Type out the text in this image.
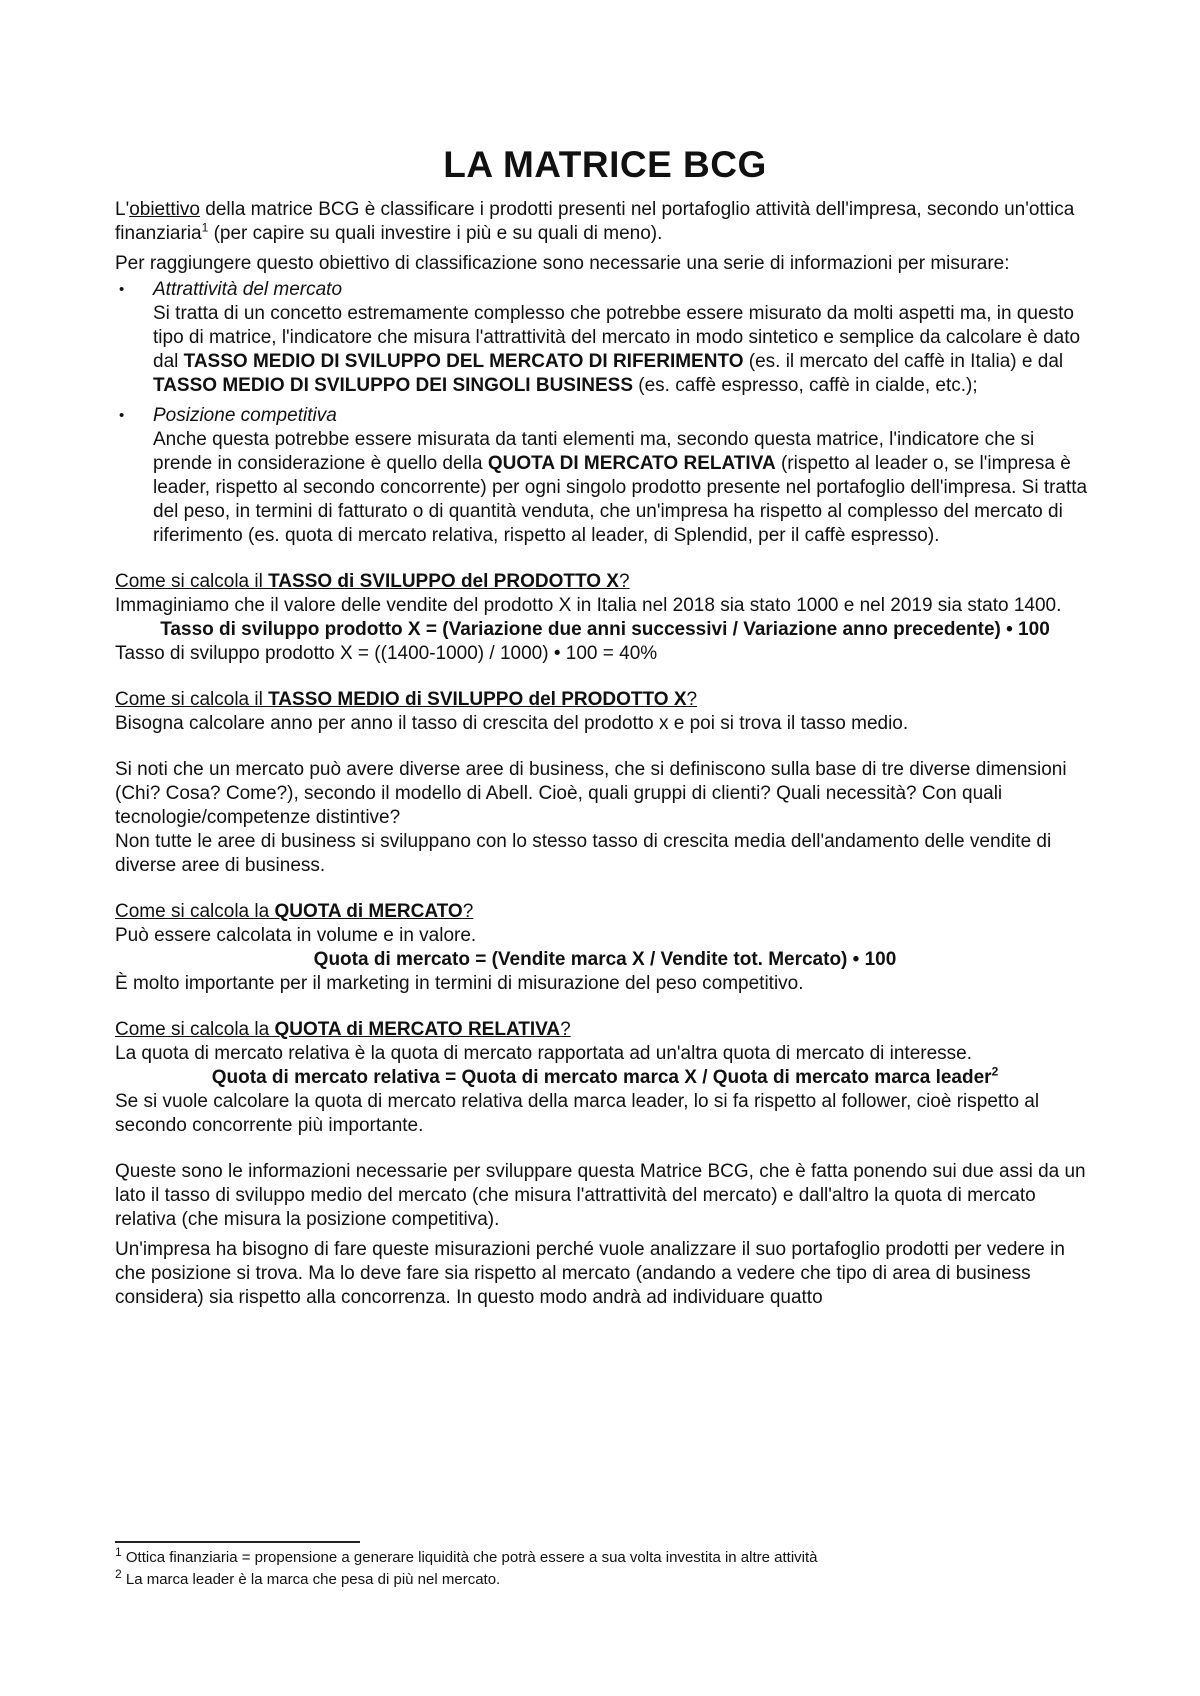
LA MATRICE BCG

L'obiettivo della matrice BCG è classificare i prodotti presenti nel portafoglio attività dell'impresa, secondo un'ottica finanziaria$^1$ (per capire su quali investire i più e su quali di meno).

Per raggiungere questo obiettivo di classificazione sono necessarie una serie di informazioni per misurare:

• Attrattività del mercato
Si tratta di un concetto estremamente complesso che potrebbe essere misurato da molti aspetti ma, in questo tipo di matrice, l'indicatore che misura l'attrattività del mercato in modo sintetico e semplice da calcolare è dato dal TASSO MEDIO DI SVILUPPO DEL MERCATO DI RIFERIMENTO (es. il mercato del caffè in Italia) e dal TASSO MEDIO DI SVILUPPO DEI SINGOLI BUSINESS (es. caffè espresso, caffè in cialde, etc.);
• Posizione competitiva
Anche questa potrebbe essere misurata da tanti elementi ma, secondo questa matrice, l'indicatore che si prende in considerazione è quello della QUOTA DI MERCATO RELATIVA (rispetto al leader o, se l'impresa è leader, rispetto al secondo concorrente) per ogni singolo prodotto presente nel portafoglio dell'impresa. Si tratta del peso, in termini di fatturato o di quantità venduta, che un'impresa ha rispetto al complesso del mercato di riferimento (es. quota di mercato relativa, rispetto al leader, di Splendid, per il caffè espresso).

Come si calcola il TASSO di SVILUPPO del PRODOTTO X?

Immaginiamo che il valore delle vendite del prodotto X in Italia nel 2018 sia stato 1000 e nel 2019 sia stato 1400.

Tasso di sviluppo prodotto X = (Variazione due anni successivi / Variazione anno precedente) • 100

Tasso di sviluppo prodotto X = ((1400-1000) / 1000) • 100 = 40%

Come si calcola il TASSO MEDIO di SVILUPPO del PRODOTTO X?

Bisogna calcolare anno per anno il tasso di crescita del prodotto x e poi si trova il tasso medio.

Si noti che un mercato può avere diverse aree di business, che si definiscono sulla base di tre diverse dimensioni (Chi? Cosa? Come?), secondo il modello di Abell. Cioè, quali gruppi di clienti? Quali necessità? Con quali tecnologie/competenze distintive?

Non tutte le aree di business si sviluppano con lo stesso tasso di crescita media dell'andamento delle vendite di diverse aree di business.

Come si calcola la QUOTA di MERCATO?

Può essere calcolata in volume e in valore.

Quota di mercato = (Vendite marca X / Vendite tot. Mercato) • 100

È molto importante per il marketing in termini di misurazione del peso competitivo.

Come si calcola la QUOTA di MERCATO RELATIVA?

La quota di mercato relativa è la quota di mercato rapportata ad un'altra quota di mercato di interesse.

Quota di mercato relativa = Quota di mercato marca X / Quota di mercato marca leader$^2$

Se si vuole calcolare la quota di mercato relativa della marca leader, lo si fa rispetto al follower, cioè rispetto al secondo concorrente più importante.

Queste sono le informazioni necessarie per sviluppare questa Matrice BCG, che è fatta ponendo sui due assi da un lato il tasso di sviluppo medio del mercato (che misura l'attrattività del mercato) e dall'altro la quota di mercato relativa (che misura la posizione competitiva).

Un'impresa ha bisogno di fare queste misurazioni perché vuole analizzare il suo portafoglio prodotti per vedere in che posizione si trova. Ma lo deve fare sia rispetto al mercato (andando a vedere che tipo di area di business considera) sia rispetto alla concorrenza. In questo modo andrà ad individuare quatto

$^1$ Ottica finanziaria = propensione a generare liquidità che potrà essere a sua volta investita in altre attività

$^2$ La marca leader è la marca che pesa di più nel mercato.
